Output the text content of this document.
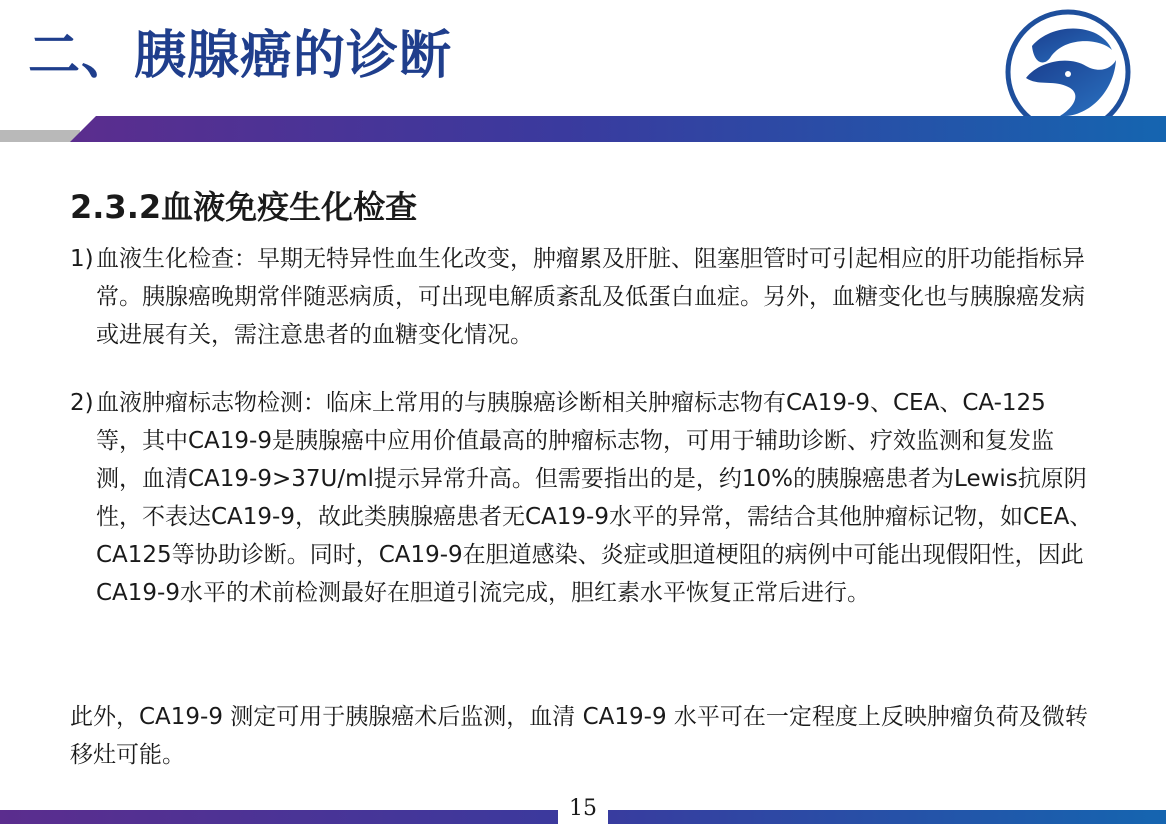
二、胰腺癌的诊断
2.3.2血液免疫生化检查
1) 血液生化检查：早期无特异性血生化改变，肿瘤累及肝脏、阻塞胆管时可引起相应的肝功能指标异常。胰腺癌晚期常伴随恶病质，可出现电解质紊乱及低蛋白血症。另外，血糖变化也与胰腺癌发病或进展有关，需注意患者的血糖变化情况。
2) 血液肿瘤标志物检测：临床上常用的与胰腺癌诊断相关肿瘤标志物有CA19-9、CEA、CA-125　等，其中CA19-9是胰腺癌中应用价值最高的肿瘤标志物，可用于辅助诊断、疗效监测和复发监测，血清CA19-9>37U/ml提示异常升高。但需要指出的是，约10%的胰腺癌患者为Lewis抗原阴性，不表达CA19-9，故此类胰腺癌患者无CA19-9水平的异常，需结合其他肿瘤标记物，如CEA、CA125等协助诊断。同时，CA19-9在胆道感染、炎症或胆道梗阻的病例中可能出现假阳性，因此CA19-9水平的术前检测最好在胆道引流完成，胆红素水平恢复正常后进行。
此外，CA19-9 测定可用于胰腺癌术后监测，血清 CA19-9 水平可在一定程度上反映肿瘤负荷及微转移灶可能。
15
